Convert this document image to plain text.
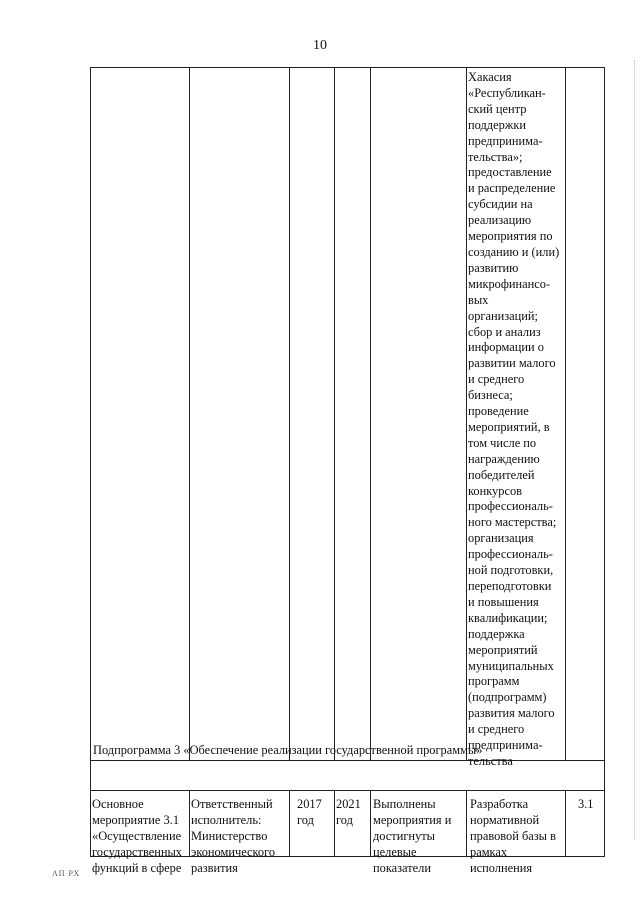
10
Хакасия
«Республикан-
ский центр
поддержки
предпринима-
тельства»;
предоставление
и распределение
субсидии на
реализацию
мероприятия по
созданию и (или)
развитию
микрофинансо-
вых
организаций;
сбор и анализ
информации о
развитии малого
и среднего
бизнеса;
проведение
мероприятий, в
том числе по
награждению
победителей
конкурсов
профессиональ-
ного мастерства;
организация
профессиональ-
ной подготовки,
переподготовки
и повышения
квалификации;
поддержка
мероприятий
муниципальных
программ
(подпрограмм)
развития малого
и среднего
предпринима-
тельства
Подпрограмма 3 «Обеспечение реализации государственной программы»
Основное
мероприятие 3.1
«Осуществление
государственных
функций в сфере
Ответственный
исполнитель:
Министерство
экономического
развития
2017
год
2021
год
Выполнены
мероприятия и
достигнуты
целевые
показатели
Разработка
нормативной
правовой базы в
рамках
исполнения
3.1
АП РХ
